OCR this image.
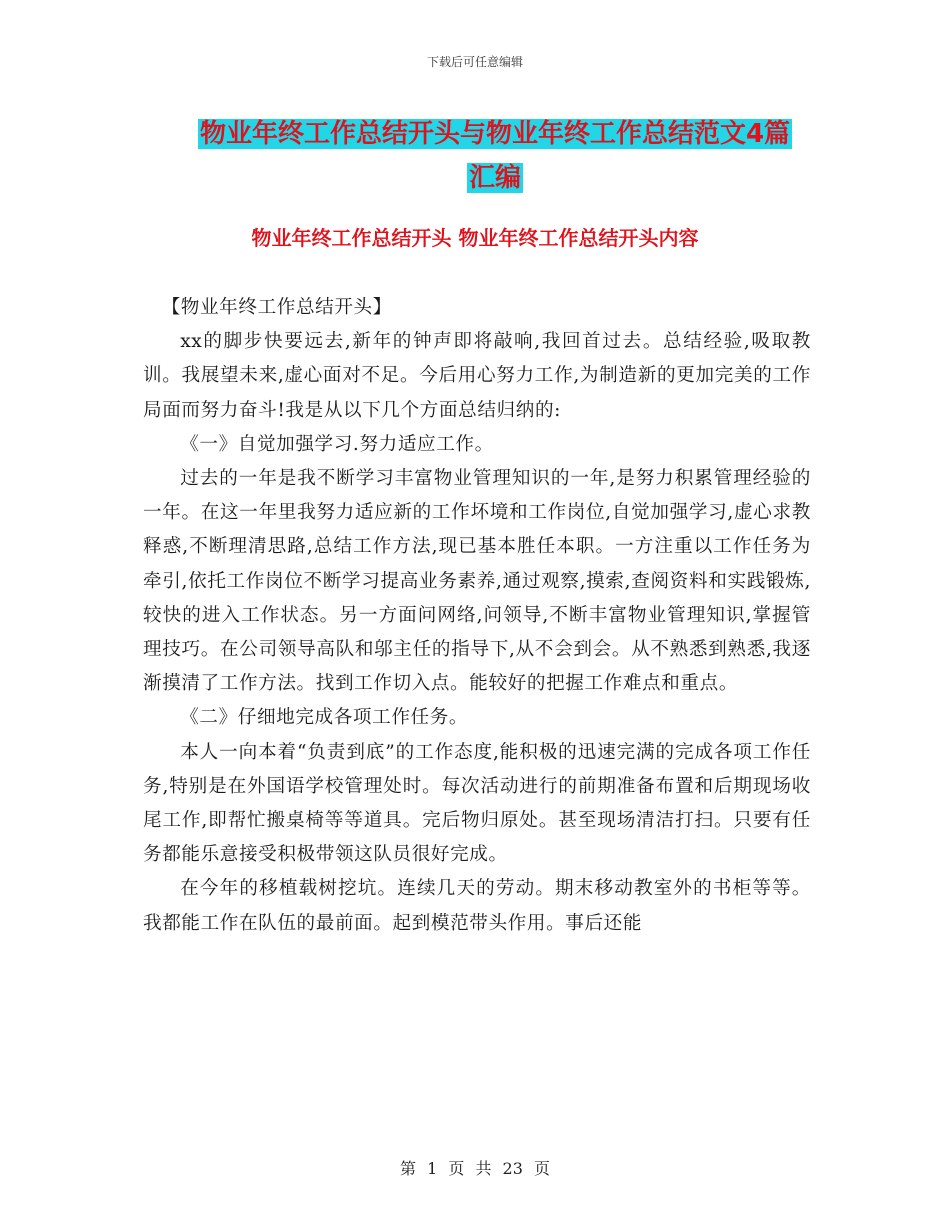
下载后可任意编辑
物业年终工作总结开头与物业年终工作总结范文4篇
汇编
物业年终工作总结开头 物业年终工作总结开头内容

【物业年终工作总结开头】

xx的脚步快要远去,新年的钟声即将敲响,我回首过去。总结经验,吸取教训。我展望未来,虚心面对不足。今后用心努力工作,为制造新的更加完美的工作局面而努力奋斗!我是从以下几个方面总结归纳的:

《一》自觉加强学习.努力适应工作。

过去的一年是我不断学习丰富物业管理知识的一年,是努力积累管理经验的一年。在这一年里我努力适应新的工作坏境和工作岗位,自觉加强学习,虚心求教释惑,不断理清思路,总结工作方法,现已基本胜任本职。一方注重以工作任务为牵引,依托工作岗位不断学习提高业务素养,通过观察,摸索,查阅资料和实践锻炼,较快的进入工作状态。另一方面问网络,问领导,不断丰富物业管理知识,掌握管理技巧。在公司领导高队和邬主任的指导下,从不会到会。从不熟悉到熟悉,我逐渐摸清了工作方法。找到工作切入点。能较好的把握工作难点和重点。

《二》仔细地完成各项工作任务。

本人一向本着“负责到底”的工作态度,能积极的迅速完满的完成各项工作任务,特别是在外国语学校管理处时。每次活动进行的前期准备布置和后期现场收尾工作,即帮忙搬桌椅等等道具。完后物归原处。甚至现场清洁打扫。只要有任务都能乐意接受积极带领这队员很好完成。

在今年的移植载树挖坑。连续几天的劳动。期末移动教室外的书柜等等。我都能工作在队伍的最前面。起到模范带头作用。事后还能

第 1 页 共 23 页
